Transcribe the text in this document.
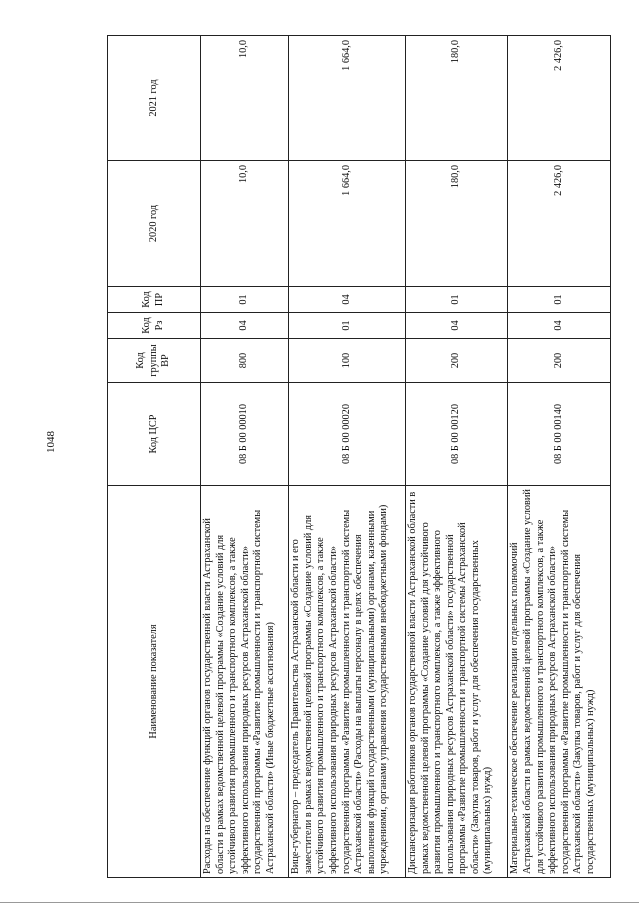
1048
Наименование показателя	Код ЦСР	Код группы ВР	Код Рз	Код ПР	2020 год	2021 год
Расходы на обеспечение функций органов государственной власти Астраханской области в рамках ведомственной целевой программы «Создание условий для устойчивого развития промышленного и транспортного комплексов, а также эффективного использования природных ресурсов Астраханской области» государственной программы «Развитие промышленности и транспортной системы Астраханской области» (Иные бюджетные ассигнования)	08 Б 00 00010	800	04	01	10,0	10,0
Вице-губернатор – председатель Правительства Астраханской области и его заместители в рамках ведомственной целевой программы «Создание условий для устойчивого развития промышленного и транспортного комплексов, а также эффективного использования природных ресурсов Астраханской области» государственной программы «Развитие промышленности и транспортной системы Астраханской области» (Расходы на выплаты персоналу в целях обеспечения выполнения функций государственными (муниципальными) органами, казенными учреждениями, органами управления государственными внебюджетными фондами)	08 Б 00 00020	100	01	04	1 664,0	1 664,0
Диспансеризация работников органов государственной власти Астраханской области в рамках ведомственной целевой программы «Создание условий для устойчивого развития промышленного и транспортного комплексов, а также эффективного использования природных ресурсов Астраханской области» государственной программы «Развитие промышленности и транспортной системы Астраханской области» (Закупка товаров, работ и услуг для обеспечения государственных (муниципальных) нужд)	08 Б 00 00120	200	04	01	180,0	180,0
Материально-техническое обеспечение реализации отдельных полномочий Астраханской области в рамках ведомственной целевой программы «Создание условий для устойчивого развития промышленного и транспортного комплексов, а также эффективного использования природных ресурсов Астраханской области» государственной программы «Развитие промышленности и транспортной системы Астраханской области» (Закупка товаров, работ и услуг для обеспечения государственных (муниципальных) нужд)	08 Б 00 00140	200	04	01	2 426,0	2 426,0
